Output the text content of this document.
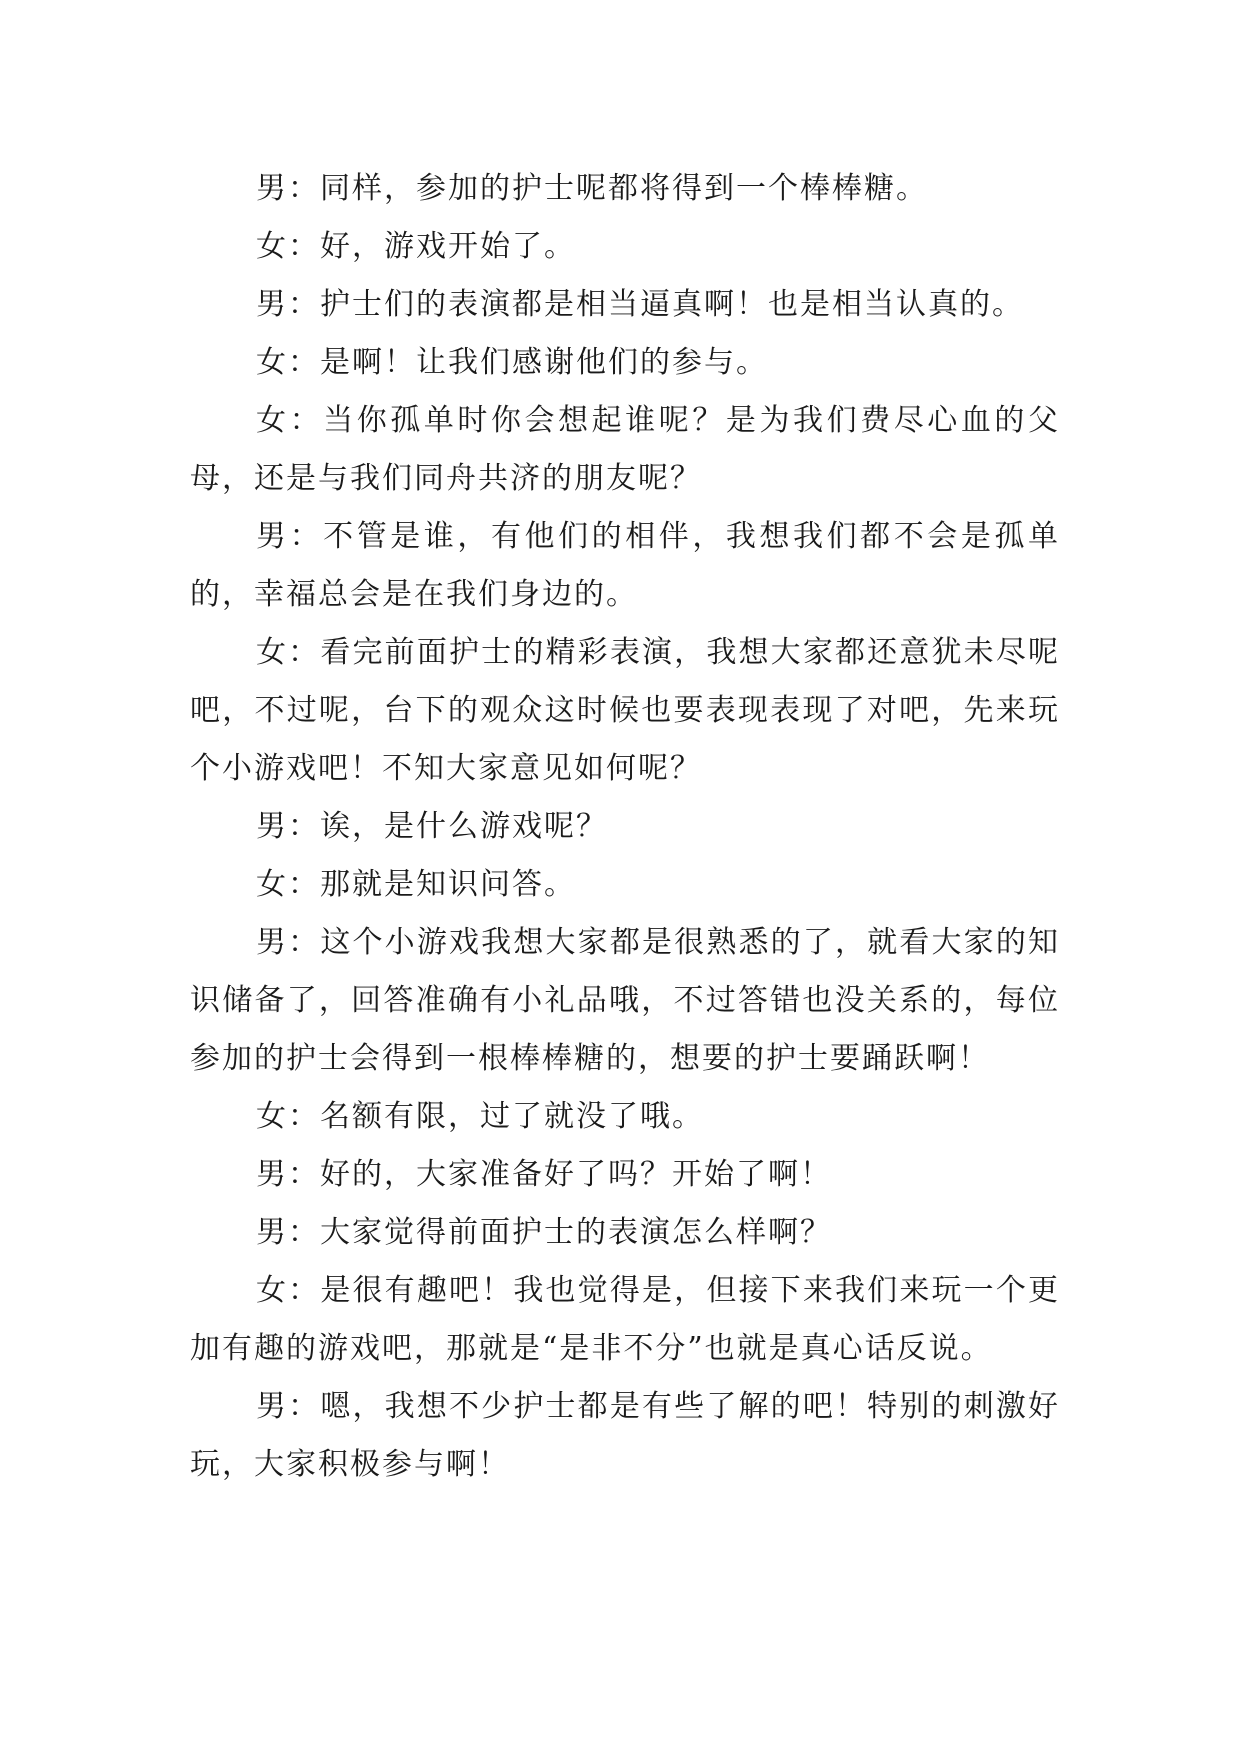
男：同样，参加的护士呢都将得到一个棒棒糖。

女：好，游戏开始了。

男：护士们的表演都是相当逼真啊！也是相当认真的。

女：是啊！让我们感谢他们的参与。

女：当你孤单时你会想起谁呢？是为我们费尽心血的父母，还是与我们同舟共济的朋友呢？

男：不管是谁，有他们的相伴，我想我们都不会是孤单的，幸福总会是在我们身边的。

女：看完前面护士的精彩表演，我想大家都还意犹未尽呢吧，不过呢，台下的观众这时候也要表现表现了对吧，先来玩个小游戏吧！不知大家意见如何呢？

男：诶，是什么游戏呢？

女：那就是知识问答。

男：这个小游戏我想大家都是很熟悉的了，就看大家的知识储备了，回答准确有小礼品哦，不过答错也没关系的，每位参加的护士会得到一根棒棒糖的，想要的护士要踊跃啊！

女：名额有限，过了就没了哦。

男：好的，大家准备好了吗？开始了啊！

男：大家觉得前面护士的表演怎么样啊？

女：是很有趣吧！我也觉得是，但接下来我们来玩一个更加有趣的游戏吧，那就是“是非不分”也就是真心话反说。

男：嗯，我想不少护士都是有些了解的吧！特别的刺激好玩，大家积极参与啊！
